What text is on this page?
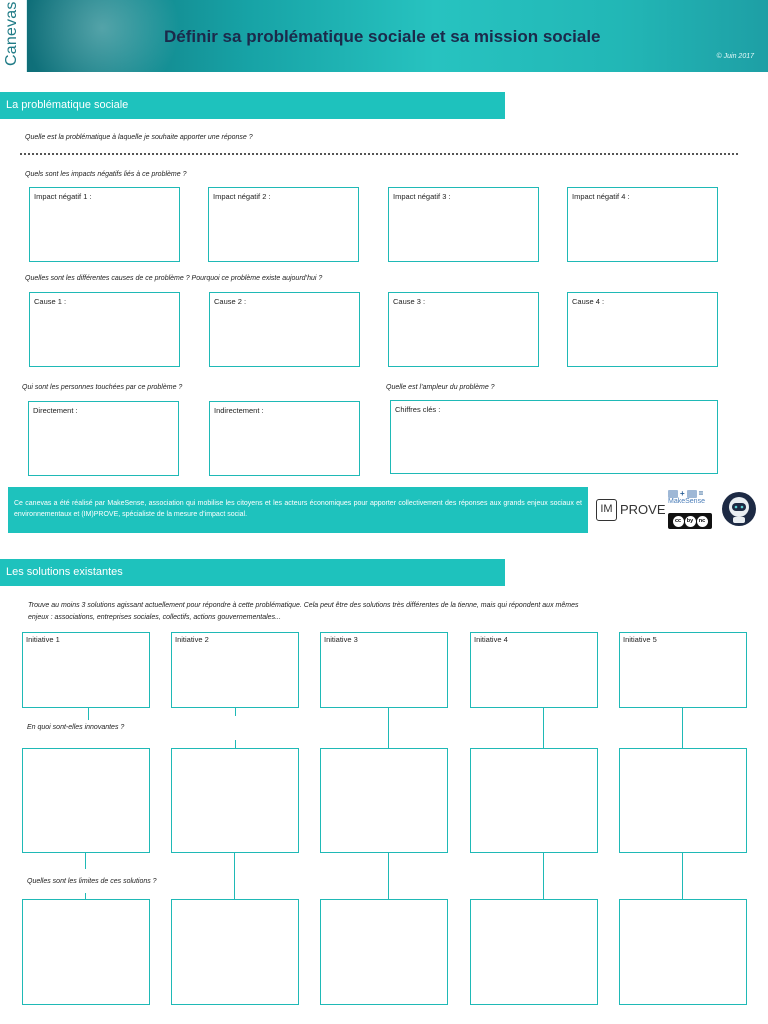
Canevas	Définir sa problématique sociale et sa mission sociale
© Juin 2017
La problématique sociale
Quelle est la problématique à laquelle je souhaite apporter une réponse ?
Quels sont les impacts négatifs liés à ce problème ?
Impact négatif 1 :	Impact négatif 2 :	Impact négatif 3 :	Impact négatif 4 :
Quelles sont les différentes causes de ce problème ? Pourquoi ce problème existe aujourd’hui ?
Cause 1 :	Cause 2 :	Cause 3 :	Cause 4 :
Qui sont les personnes touchées par ce problème ?	Quelle est l’ampleur du problème ?
Directement :	Indirectement :	Chiffres clés :
Ce canevas a été réalisé par MakeSense, association qui mobilise les citoyens et les acteurs économiques pour apporter collectivement des réponses aux grands enjeux sociaux et environnementaux et (IM)PROVE, spécialiste de la mesure d’impact social.	IM PROVE
+ =
MakeSense
cc	by	nc
Les solutions existantes
Trouve au moins 3 solutions agissant actuellement pour répondre à cette problématique. Cela peut être des solutions très différentes de la tienne, mais qui répondent aux mêmes
enjeux : associations, entreprises sociales, collectifs, actions gouvernementales...
Initiative 1	Initiative 2	Initiative 3	Initiative 4	Initiative 5
En quoi sont-elles innovantes ?
Quelles sont les limites de ces solutions ?
